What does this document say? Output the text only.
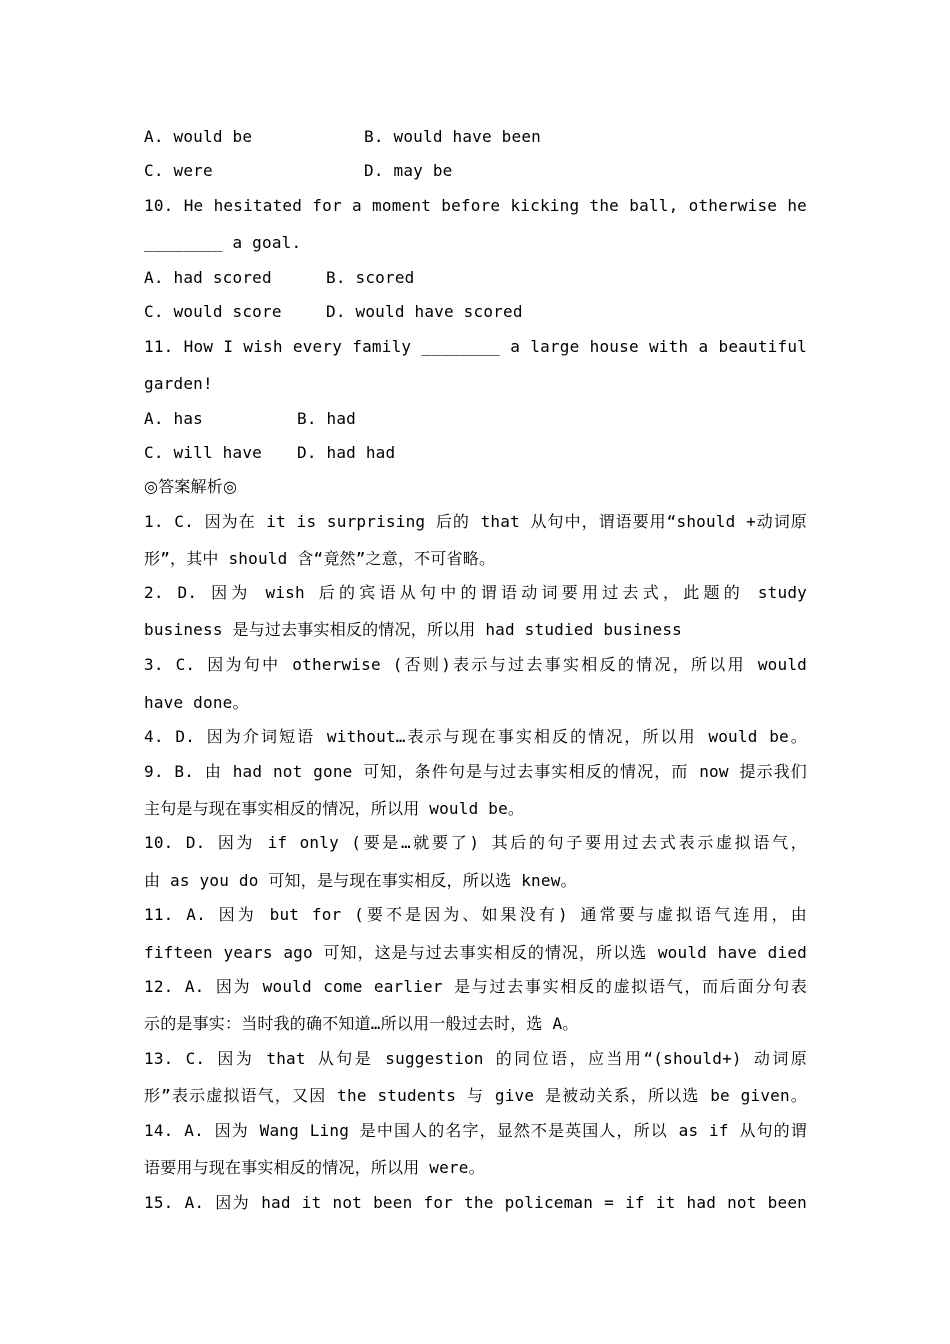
A. would be	B. would have been
C. were	D. may be
10. He hesitated for a moment before kicking the ball, otherwise he
________ a goal.
A. had scored	B. scored
C. would score	D. would have scored
11. How I wish every family ________ a large house with a beautiful
garden!
A. has	B. had
C. will have D. had had
◎答案解析◎
1. C. 因为在 it is surprising 后的 that 从句中，谓语要用“should +动词原
形”，其中 should 含“竟然”之意，不可省略。
2. D. 因为 wish 后的宾语从句中的谓语动词要用过去式，此题的 study
business 是与过去事实相反的情况，所以用 had studied business
3. C. 因为句中 otherwise (否则)表示与过去事实相反的情况，所以用 would
have done。
4. D. 因为介词短语 without…表示与现在事实相反的情况，所以用 would be。
9. B. 由 had not gone 可知，条件句是与过去事实相反的情况，而 now 提示我们
主句是与现在事实相反的情况，所以用 would be。
10. D. 因为 if only (要是…就要了) 其后的句子要用过去式表示虚拟语气，
由 as you do 可知，是与现在事实相反，所以选 knew。
11. A. 因为 but for (要不是因为、如果没有) 通常要与虚拟语气连用，由
fifteen years ago 可知，这是与过去事实相反的情况，所以选 would have died
12. A. 因为 would come earlier 是与过去事实相反的虚拟语气，而后面分句表
示的是事实：当时我的确不知道…所以用一般过去时，选 A。
13. C. 因为 that 从句是 suggestion 的同位语，应当用“(should+) 动词原
形”表示虚拟语气，又因 the students 与 give 是被动关系，所以选 be given。
14. A. 因为 Wang Ling 是中国人的名字，显然不是英国人，所以 as if 从句的谓
语要用与现在事实相反的情况，所以用 were。
15. A. 因为 had it not been for the policeman = if it had not been
